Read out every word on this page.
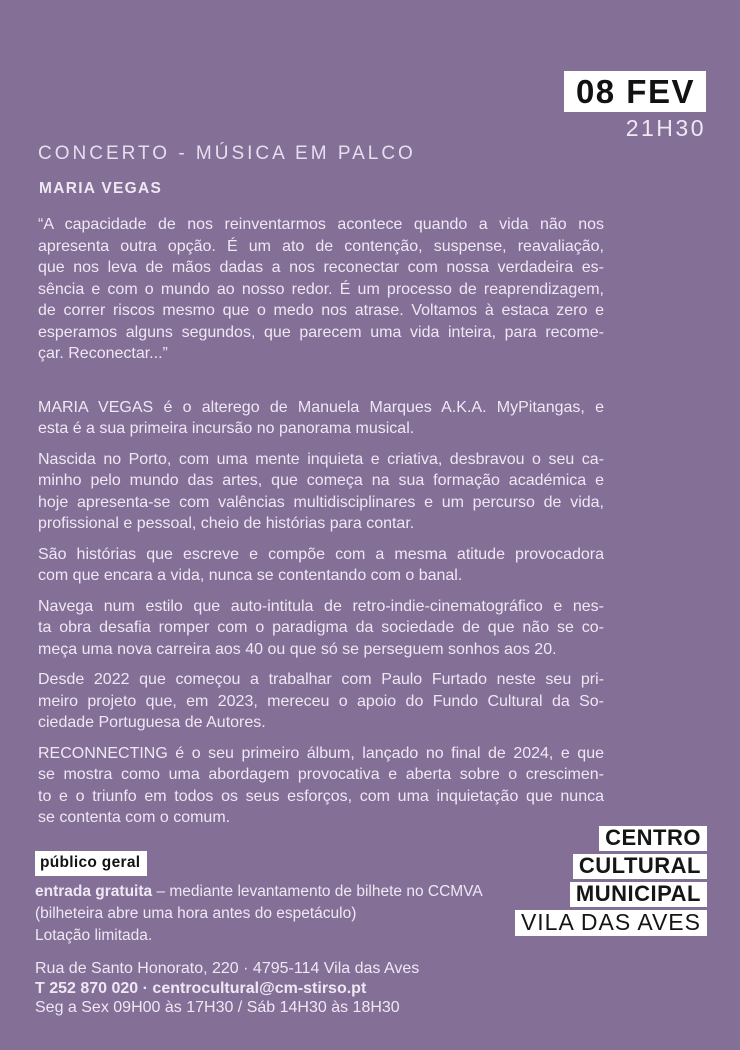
08 FEV
21H30
CONCERTO - MÚSICA EM PALCO
MARIA VEGAS
“A capacidade de nos reinventarmos acontece quando a vida não nos
apresenta outra opção. É um ato de contenção, suspense, reavaliação,
que nos leva de mãos dadas a nos reconectar com nossa verdadeira es-
sência e com o mundo ao nosso redor. É um processo de reaprendizagem,
de correr riscos mesmo que o medo nos atrase. Voltamos à estaca zero e
esperamos alguns segundos, que parecem uma vida inteira, para recome-
çar. Reconectar...”
MARIA VEGAS é o alterego de Manuela Marques A.K.A. MyPitangas, e
esta é a sua primeira incursão no panorama musical.
Nascida no Porto, com uma mente inquieta e criativa, desbravou o seu ca-
minho pelo mundo das artes, que começa na sua formação académica e
hoje apresenta-se com valências multidisciplinares e um percurso de vida,
profissional e pessoal, cheio de histórias para contar.
São histórias que escreve e compõe com a mesma atitude provocadora
com que encara a vida, nunca se contentando com o banal.
Navega num estilo que auto-intitula de retro-indie-cinematográfico e nes-
ta obra desafia romper com o paradigma da sociedade de que não se co-
meça uma nova carreira aos 40 ou que só se perseguem sonhos aos 20.
Desde 2022 que começou a trabalhar com Paulo Furtado neste seu pri-
meiro projeto que, em 2023, mereceu o apoio do Fundo Cultural da So-
ciedade Portuguesa de Autores.
RECONNECTING é o seu primeiro álbum, lançado no final de 2024, e que
se mostra como uma abordagem provocativa e aberta sobre o crescimen-
to e o triunfo em todos os seus esforços, com uma inquietação que nunca
se contenta com o comum.
público geral
entrada gratuita – mediante levantamento de bilhete no CCMVA
(bilheteira abre uma hora antes do espetáculo)
Lotação limitada.
CENTRO
CULTURAL
MUNICIPAL
VILA DAS AVES
Rua de Santo Honorato, 220 · 4795-114 Vila das Aves
T 252 870 020 · centrocultural@cm-stirso.pt
Seg a Sex 09H00 às 17H30 / Sáb 14H30 às 18H30
